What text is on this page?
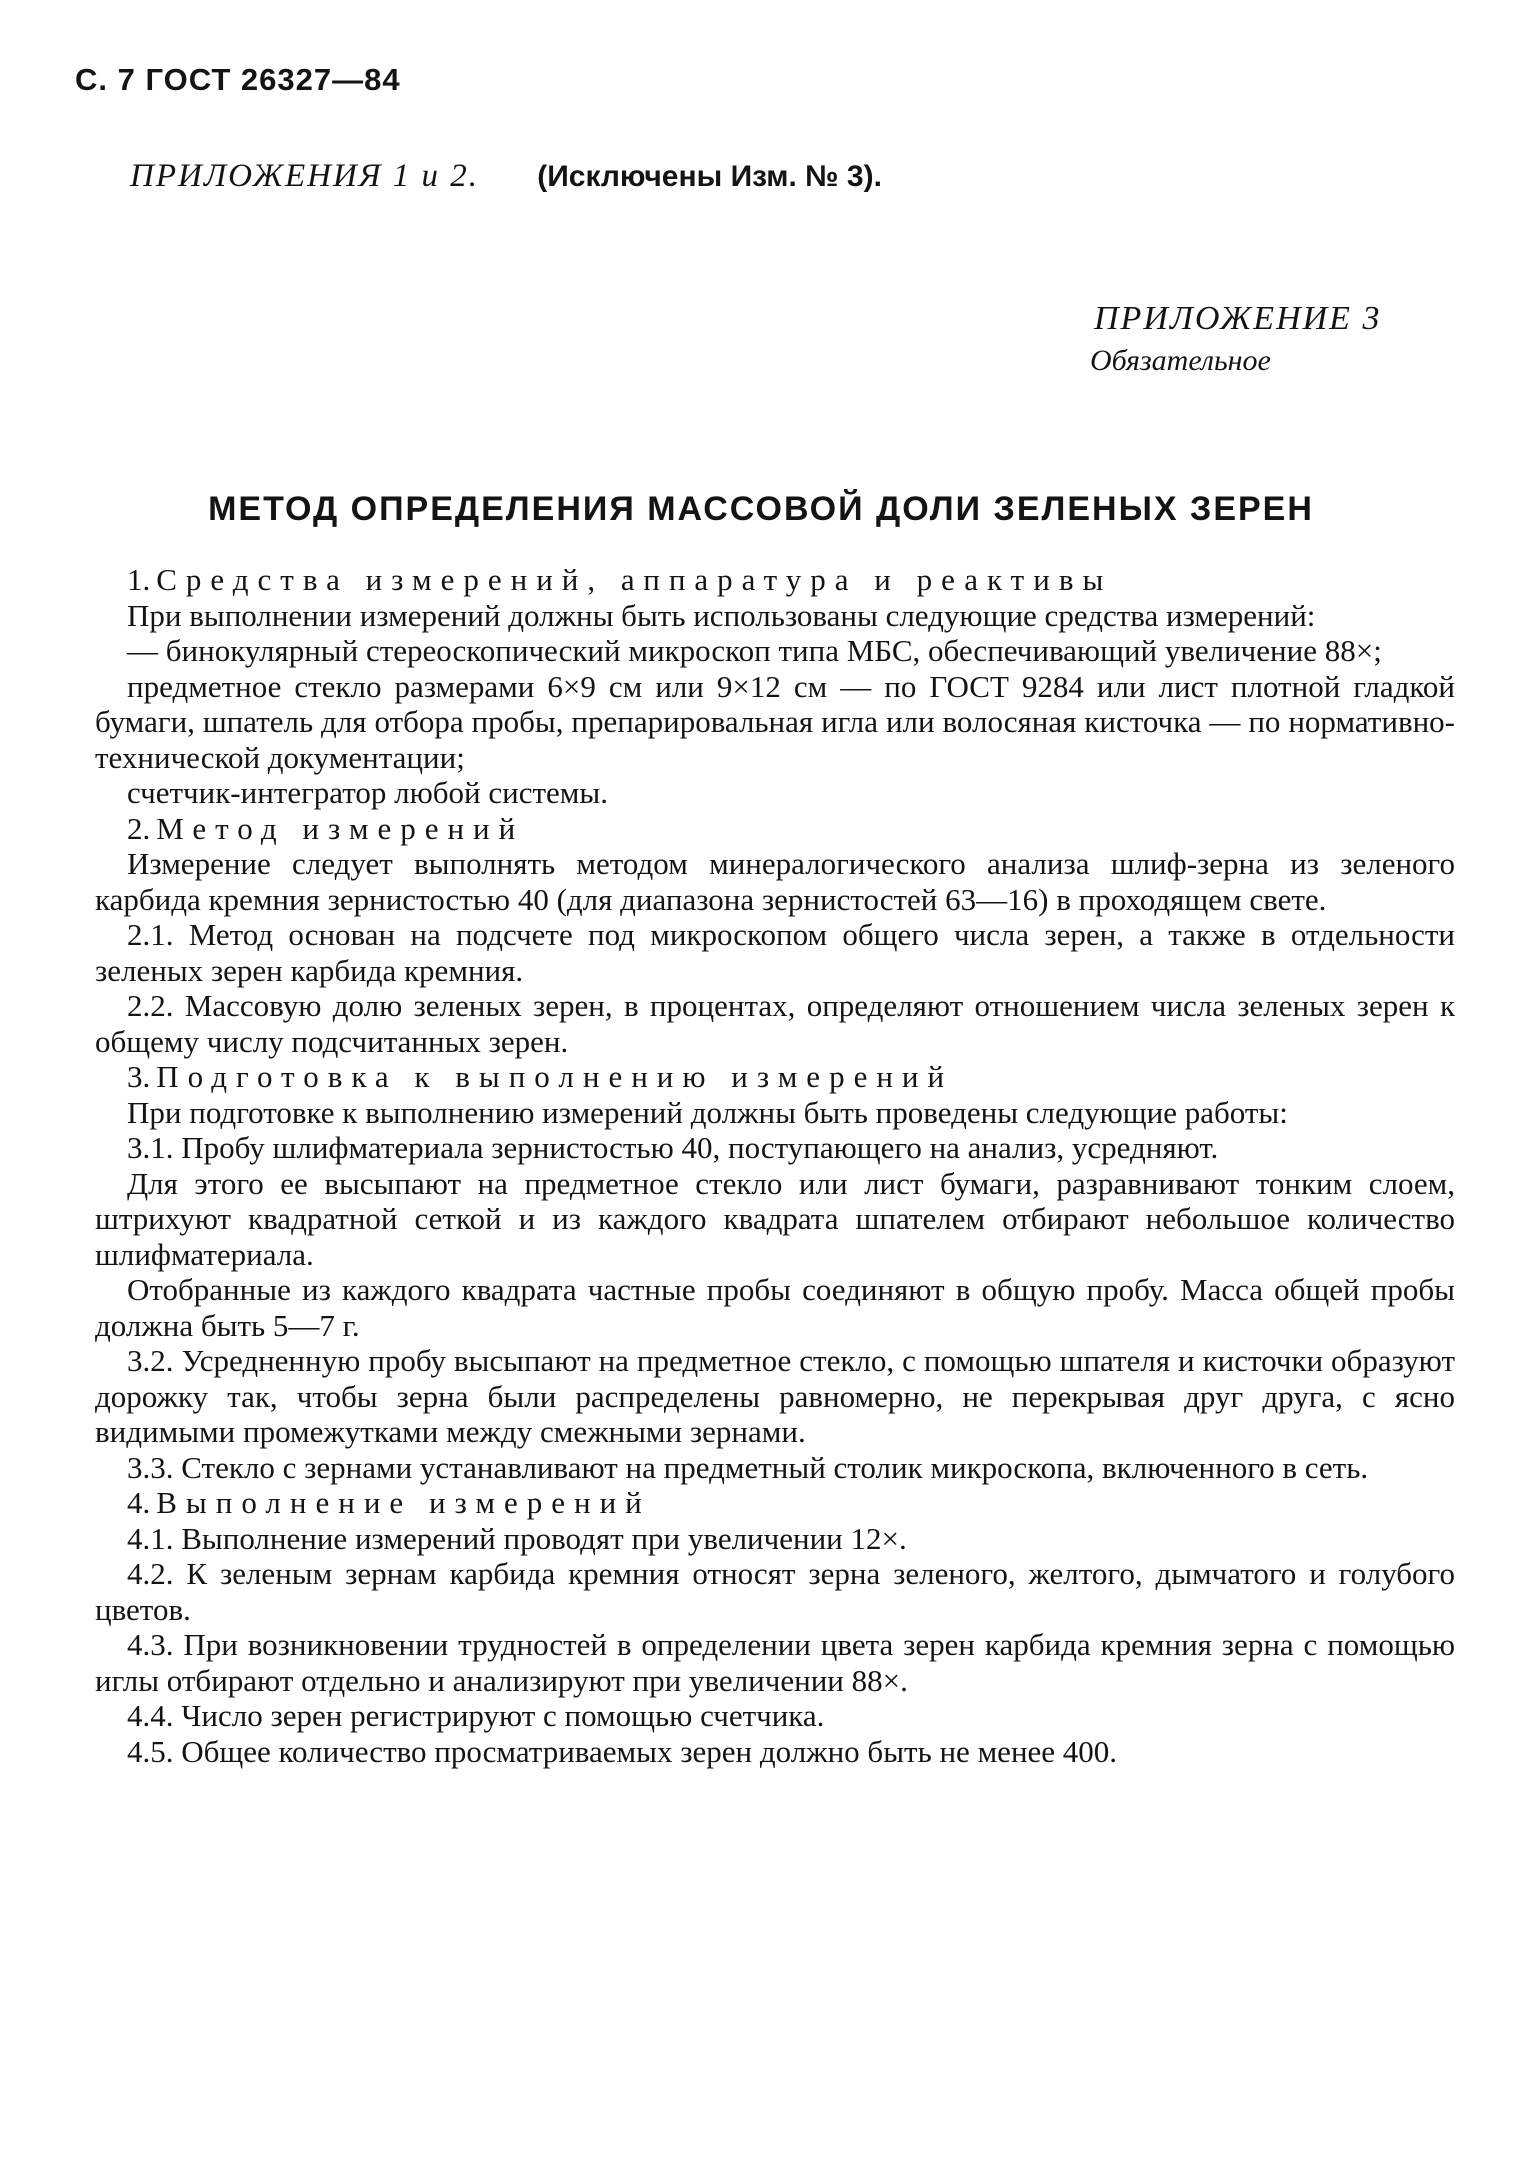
С. 7 ГОСТ 26327—84
ПРИЛОЖЕНИЯ 1 и 2. (Исключены Изм. № 3).
ПРИЛОЖЕНИЕ 3
Обязательное
МЕТОД ОПРЕДЕЛЕНИЯ МАССОВОЙ ДОЛИ ЗЕЛЕНЫХ ЗЕРЕН

1. Средства измерений, аппаратура и реактивы

При выполнении измерений должны быть использованы следующие средства измерений:

— бинокулярный стереоскопический микроскоп типа МБС, обеспечивающий увеличение 88×;

предметное стекло размерами 6×9 см или 9×12 см — по ГОСТ 9284 или лист плотной гладкой бумаги, шпатель для отбора пробы, препарировальная игла или волосяная кисточка — по нормативно-технической документации;

счетчик-интегратор любой системы.

2. Метод измерений

Измерение следует выполнять методом минералогического анализа шлиф-зерна из зеленого карбида кремния зернистостью 40 (для диапазона зернистостей 63—16) в проходящем свете.

2.1. Метод основан на подсчете под микроскопом общего числа зерен, а также в отдельности зеленых зерен карбида кремния.

2.2. Массовую долю зеленых зерен, в процентах, определяют отношением числа зеленых зерен к общему числу подсчитанных зерен.

3. Подготовка к выполнению измерений

При подготовке к выполнению измерений должны быть проведены следующие работы:

3.1. Пробу шлифматериала зернистостью 40, поступающего на анализ, усредняют.

Для этого ее высыпают на предметное стекло или лист бумаги, разравнивают тонким слоем, штрихуют квадратной сеткой и из каждого квадрата шпателем отбирают небольшое количество шлифматериала.

Отобранные из каждого квадрата частные пробы соединяют в общую пробу. Масса общей пробы должна быть 5—7 г.

3.2. Усредненную пробу высыпают на предметное стекло, с помощью шпателя и кисточки образуют дорожку так, чтобы зерна были распределены равномерно, не перекрывая друг друга, с ясно видимыми промежутками между смежными зернами.

3.3. Стекло с зернами устанавливают на предметный столик микроскопа, включенного в сеть.

4. Выполнение измерений

4.1. Выполнение измерений проводят при увеличении 12×.

4.2. К зеленым зернам карбида кремния относят зерна зеленого, желтого, дымчатого и голубого цветов.

4.3. При возникновении трудностей в определении цвета зерен карбида кремния зерна с помощью иглы отбирают отдельно и анализируют при увеличении 88×.

4.4. Число зерен регистрируют с помощью счетчика.

4.5. Общее количество просматриваемых зерен должно быть не менее 400.
